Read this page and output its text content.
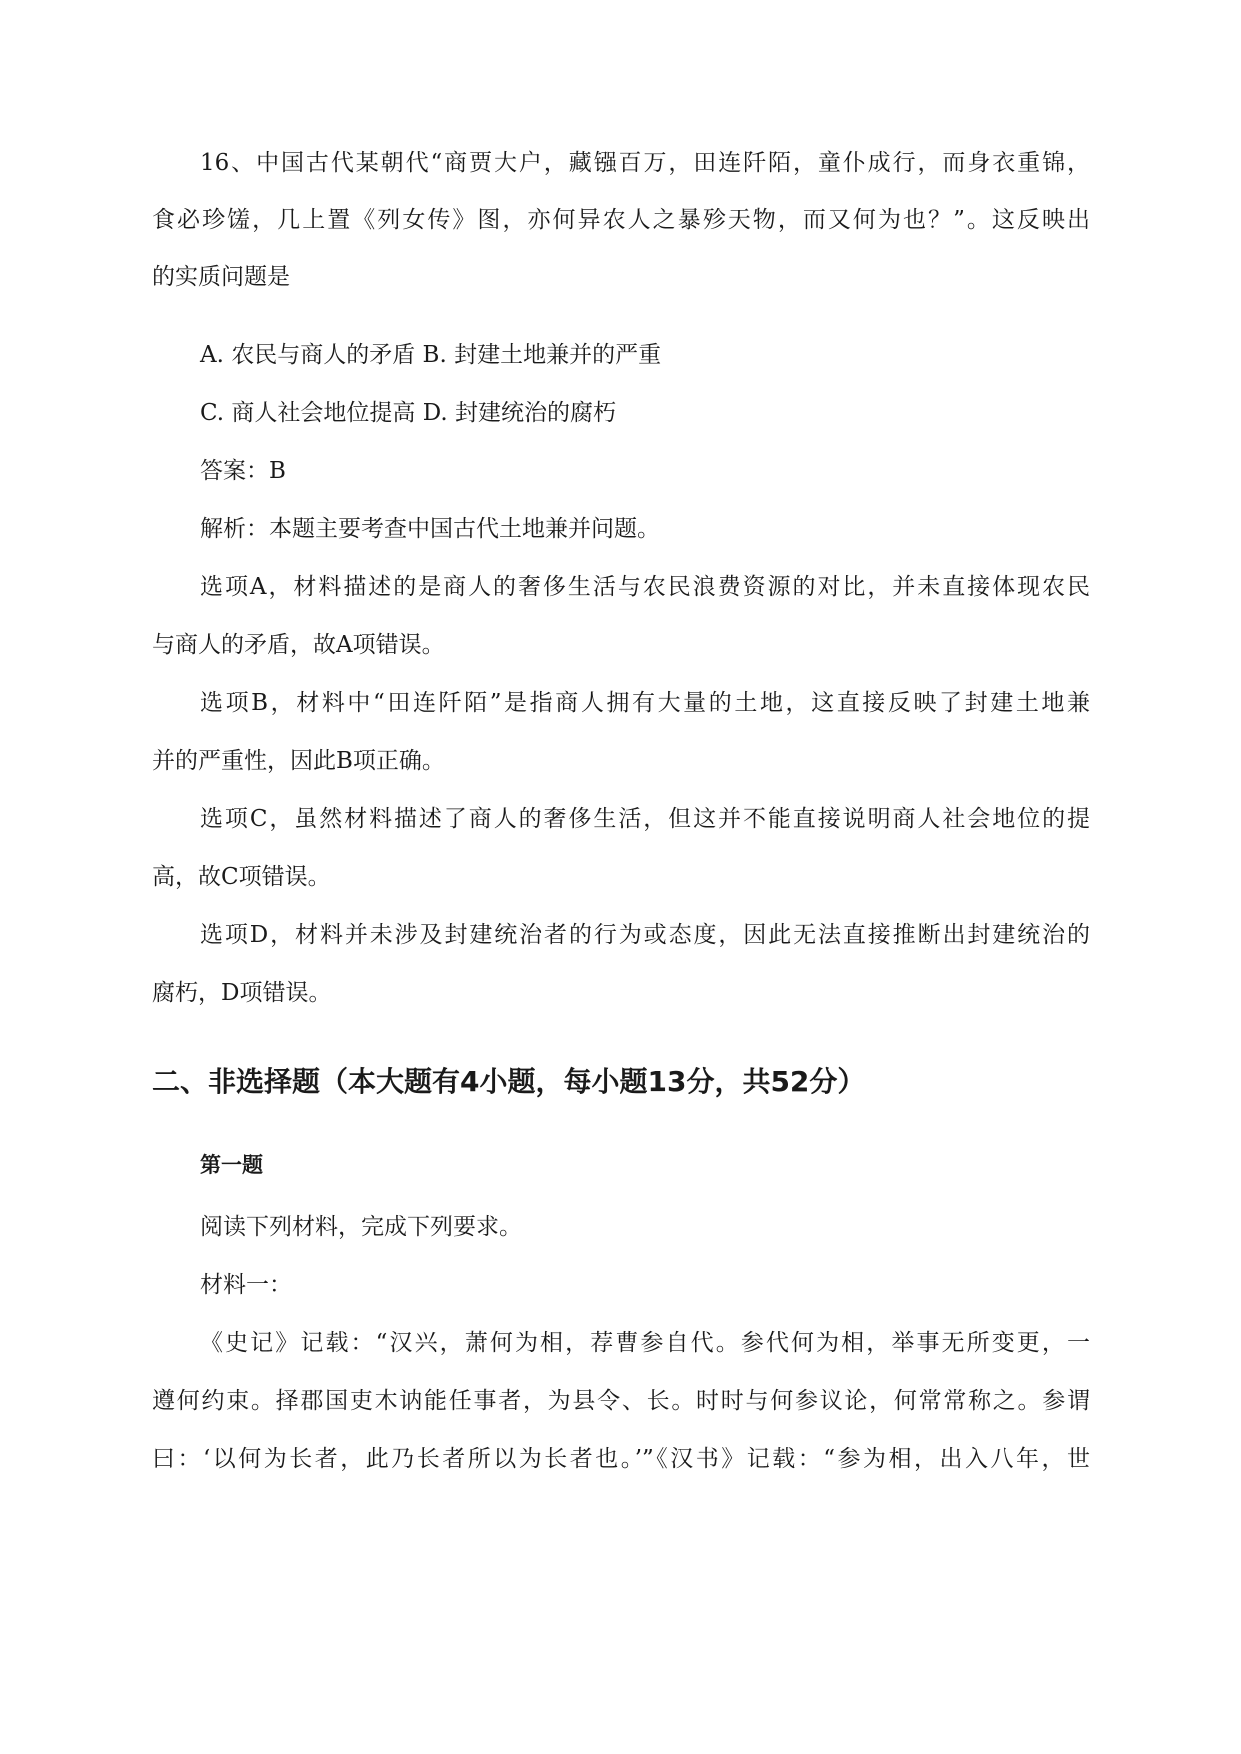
16、中国古代某朝代“商贾大户，藏镪百万，田连阡陌，童仆成行，而身衣重锦，
食必珍馐，几上置《列女传》图，亦何异农人之暴殄天物，而又何为也？”。这反映出
的实质问题是
A. 农民与商人的矛盾 B. 封建土地兼并的严重
C. 商人社会地位提高 D. 封建统治的腐朽
答案：B
解析：本题主要考查中国古代土地兼并问题。
选项A，材料描述的是商人的奢侈生活与农民浪费资源的对比，并未直接体现农民
与商人的矛盾，故A项错误。
选项B，材料中“田连阡陌”是指商人拥有大量的土地，这直接反映了封建土地兼
并的严重性，因此B项正确。
选项C，虽然材料描述了商人的奢侈生活，但这并不能直接说明商人社会地位的提
高，故C项错误。
选项D，材料并未涉及封建统治者的行为或态度，因此无法直接推断出封建统治的
腐朽，D项错误。
二、非选择题（本大题有4小题，每小题13分，共52分）
第一题
阅读下列材料，完成下列要求。
材料一：
《史记》记载：“汉兴，萧何为相，荐曹参自代。参代何为相，举事无所变更，一
遵何约束。择郡国吏木讷能任事者，为县令、长。时时与何参议论，何常常称之。参谓
曰：‘以何为长者，此乃长者所以为长者也。’”《汉书》记载：“参为相，出入八年，世
